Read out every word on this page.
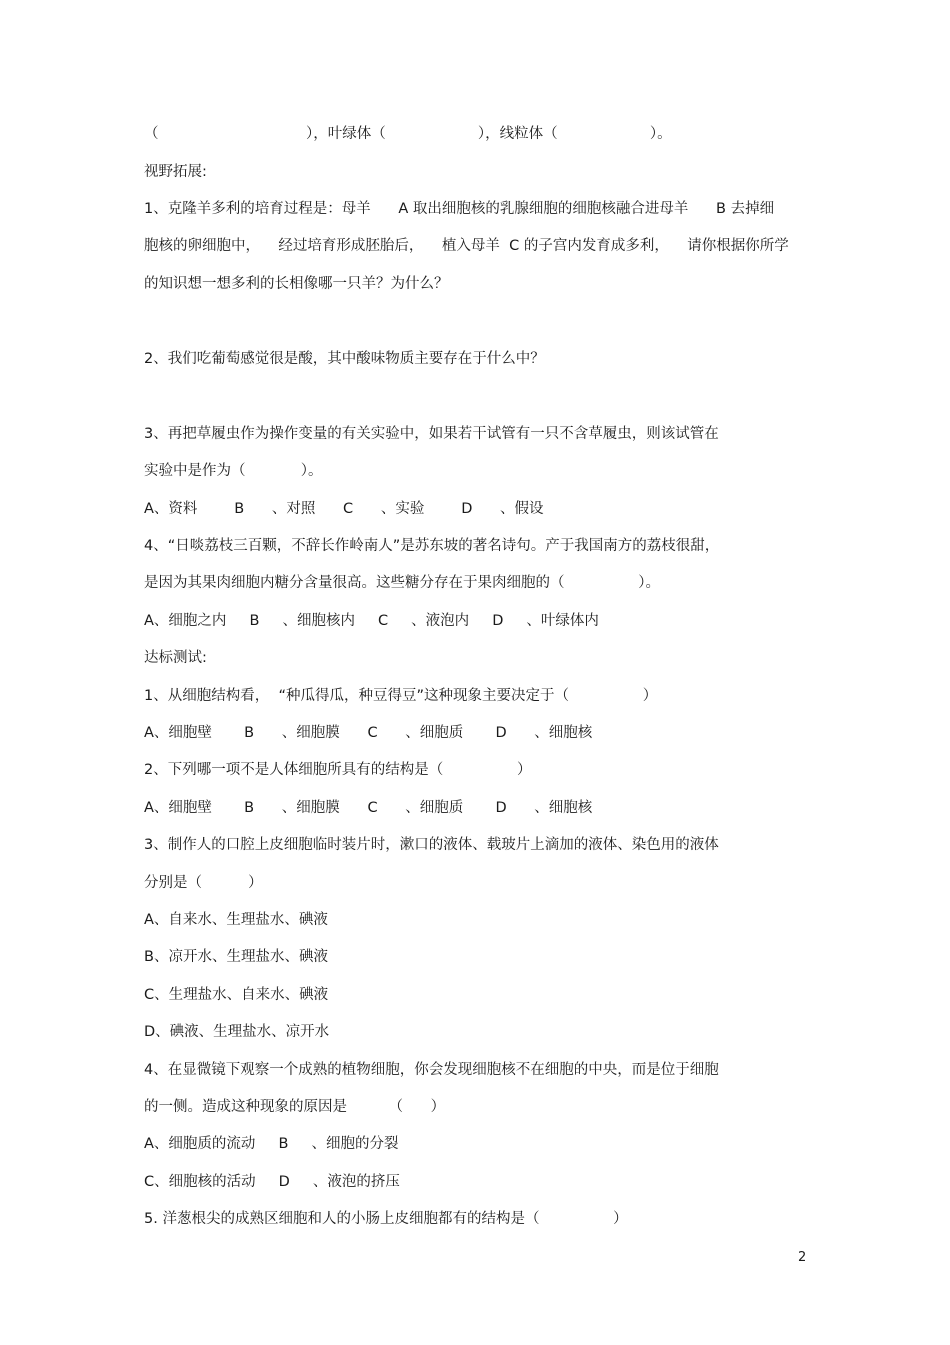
（                                ），叶绿体（                    ），线粒体（                    ）。
视野拓展:
1、克隆羊多利的培育过程是：母羊      A 取出细胞核的乳腺细胞的细胞核融合进母羊      B 去掉细
胞核的卵细胞中，    经过培育形成胚胎后，    植入母羊  C 的子宫内发育成多利，    请你根据你所学
的知识想一想多利的长相像哪一只羊？为什么？
2、我们吃葡萄感觉很是酸，其中酸味物质主要存在于什么中？
3、再把草履虫作为操作变量的有关实验中，如果若干试管有一只不含草履虫，则该试管在
实验中是作为（            ）。
A、资料        B      、对照      C      、实验        D      、假设
4、“日啖荔枝三百颗，不辞长作岭南人”是苏东坡的著名诗句。产于我国南方的荔枝很甜，
是因为其果肉细胞内糖分含量很高。这些糖分存在于果肉细胞的（                ）。
A、细胞之内     B     、细胞核内     C     、液泡内     D     、叶绿体内
达标测试:
1、从细胞结构看，  “种瓜得瓜，种豆得豆”这种现象主要决定于（                ）
A、细胞壁       B      、细胞膜      C      、细胞质       D      、细胞核
2、下列哪一项不是人体细胞所具有的结构是（                ）
A、细胞壁       B      、细胞膜      C      、细胞质       D      、细胞核
3、制作人的口腔上皮细胞临时装片时，漱口的液体、载玻片上滴加的液体、染色用的液体
分别是（          ）
A、自来水、生理盐水、碘液
B、凉开水、生理盐水、碘液
C、生理盐水、自来水、碘液
D、碘液、生理盐水、凉开水
4、在显微镜下观察一个成熟的植物细胞，你会发现细胞核不在细胞的中央，而是位于细胞
的一侧。造成这种现象的原因是         （      ）
A、细胞质的流动     B     、细胞的分裂
C、细胞核的活动     D     、液泡的挤压
5. 洋葱根尖的成熟区细胞和人的小肠上皮细胞都有的结构是（                ）
2
